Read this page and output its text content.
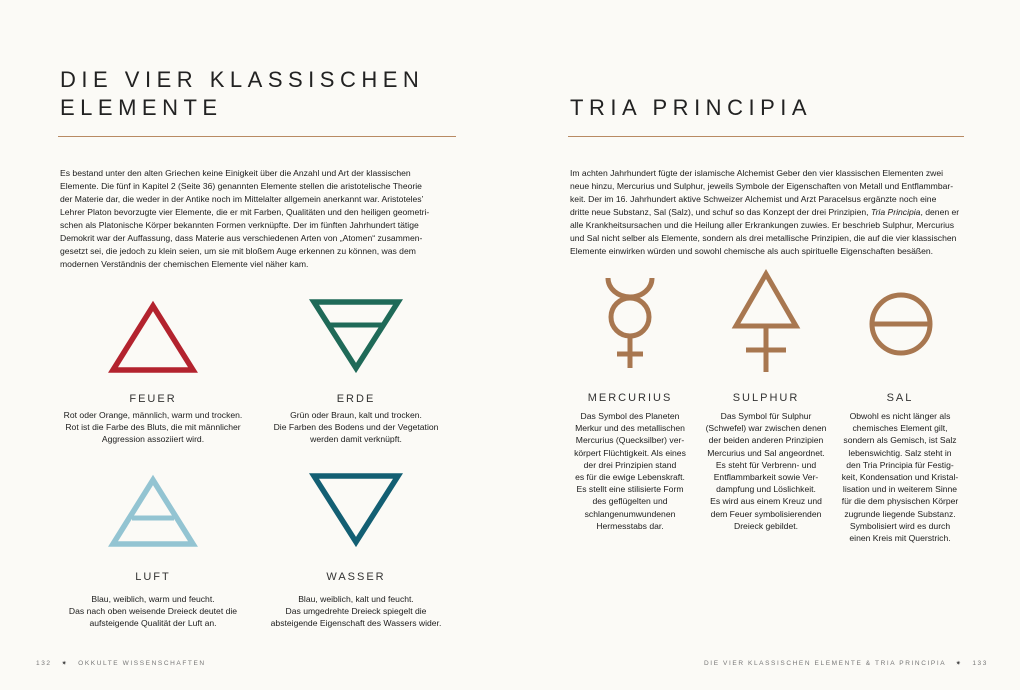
DIE VIER KLASSISCHEN

ELEMENTE

Es bestand unter den alten Griechen keine Einigkeit über die Anzahl und Art der klassischen

Elemente. Die fünf in Kapitel 2 (Seite 36) genannten Elemente stellen die aristotelische Theorie

der Materie dar, die weder in der Antike noch im Mittelalter allgemein anerkannt war. Aristoteles’

Lehrer Platon bevorzugte vier Elemente, die er mit Farben, Qualitäten und den heiligen geometri-

schen als Platonische Körper bekannten Formen verknüpfte. Der im fünften Jahrhundert tätige

Demokrit war der Auffassung, dass Materie aus verschiedenen Arten von „Atomen“ zusammen-

gesetzt sei, die jedoch zu klein seien, um sie mit bloßem Auge erkennen zu können, was dem

modernen Verständnis der chemischen Elemente viel näher kam.

FEUER
Rot oder Orange, männlich, warm und trocken.
Rot ist die Farbe des Bluts, die mit männlicher
Aggression assoziiert wird.
ERDE
Grün oder Braun, kalt und trocken.
Die Farben des Bodens und der Vegetation
werden damit verknüpft.
LUFT
Blau, weiblich, warm und feucht.
Das nach oben weisende Dreieck deutet die
aufsteigende Qualität der Luft an.
WASSER
Blau, weiblich, kalt und feucht.
Das umgedrehte Dreieck spiegelt die
absteigende Eigenschaft des Wassers wider.
132   ✷   OKKULTE WISSENSCHAFTEN

TRIA PRINCIPIA

Im achten Jahrhundert fügte der islamische Alchemist Geber den vier klassischen Elementen zwei

neue hinzu, Mercurius und Sulphur, jeweils Symbole der Eigenschaften von Metall und Entflammbar-

keit. Der im 16. Jahrhundert aktive Schweizer Alchemist und Arzt Paracelsus ergänzte noch eine

dritte neue Substanz, Sal (Salz), und schuf so das Konzept der drei Prinzipien, Tria Principia, denen er

alle Krankheitsursachen und die Heilung aller Erkrankungen zuwies. Er beschrieb Sulphur, Mercurius

und Sal nicht selber als Elemente, sondern als drei metallische Prinzipien, die auf die vier klassischen

Elemente einwirken würden und sowohl chemische als auch spirituelle Eigenschaften besäßen.

MERCURIUS
Das Symbol des Planeten
Merkur und des metallischen
Mercurius (Quecksilber) ver-
körpert Flüchtigkeit. Als eines
der drei Prinzipien stand
es für die ewige Lebenskraft.
Es stellt eine stilisierte Form
des geflügelten und
schlangenumwundenen
Hermesstabs dar.
SULPHUR
Das Symbol für Sulphur
(Schwefel) war zwischen denen
der beiden anderen Prinzipien
Mercurius und Sal angeordnet.
Es steht für Verbrenn- und
Entflammbarkeit sowie Ver-
dampfung und Löslichkeit.
Es wird aus einem Kreuz und
dem Feuer symbolisierenden
Dreieck gebildet.
SAL
Obwohl es nicht länger als
chemisches Element gilt,
sondern als Gemisch, ist Salz
lebenswichtig. Salz steht in
den Tria Principia für Festig-
keit, Kondensation und Kristal-
lisation und in weiterem Sinne
für die dem physischen Körper
zugrunde liegende Substanz.
Symbolisiert wird es durch
einen Kreis mit Querstrich.
DIE VIER KLASSISCHEN ELEMENTE & TRIA PRINCIPIA   ✷   133
